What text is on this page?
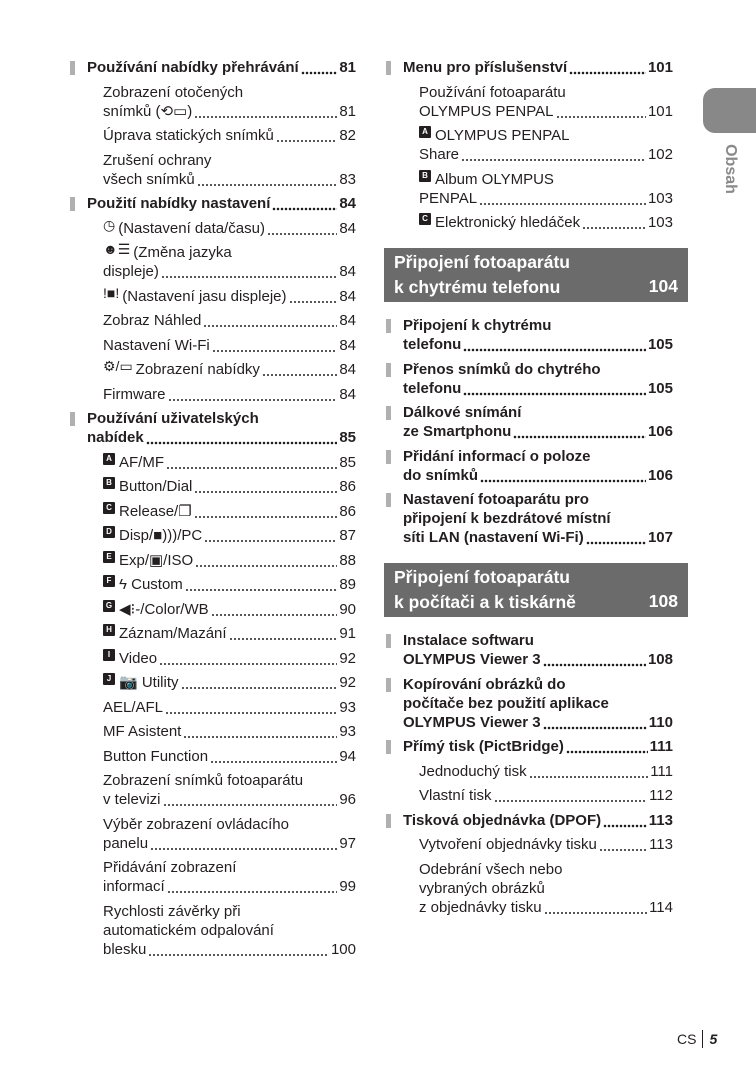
Používání nabídky přehrávání	81
Zobrazení otočených
snímků (⟲▭)	81
Úprava statických snímků	82
Zrušení ochrany
všech snímků	83
Použití nabídky nastavení	84
◷ (Nastavení data/času)	84
☻☰ (Změna jazyka
displeje)	84
!■! (Nastavení jasu displeje)	84
Zobraz Náhled	84
Nastavení Wi-Fi	84
⚙/▭ Zobrazení nabídky	84
Firmware	84
Používání uživatelských
nabídek	85
A AF/MF	85
B Button/Dial	86
C Release/❐	86
D Disp/■)))/PC	87
E Exp/▣/ISO	88
F ϟ Custom	89
G ◀⁝-/Color/WB	90
H Záznam/Mazání	91
I Video	92
J 📷 Utility	92
AEL/AFL	93
MF Asistent	93
Button Function	94
Zobrazení snímků fotoaparátu
v televizi	96
Výběr zobrazení ovládacího
panelu	97
Přidávání zobrazení
informací	99
Rychlosti závěrky při
automatickém odpalování
blesku	100
Menu pro příslušenství	101
Používání fotoaparátu
OLYMPUS PENPAL	101
A OLYMPUS PENPAL
Share	102
B Album OLYMPUS
PENPAL	103
C Elektronický hledáček	103
Připojení fotoaparátu
k chytrému telefonu	104
Připojení k chytrému
telefonu	105
Přenos snímků do chytrého
telefonu	105
Dálkové snímání
ze Smartphonu	106
Přidání informací o poloze
do snímků	106
Nastavení fotoaparátu pro
připojení k bezdrátové místní
síti LAN (nastavení Wi-Fi)	107
Připojení fotoaparátu
k počítači a k tiskárně	108
Instalace softwaru
OLYMPUS Viewer 3	108
Kopírování obrázků do
počítače bez použití aplikace
OLYMPUS Viewer 3	110
Přímý tisk (PictBridge)	111
Jednoduchý tisk	111
Vlastní tisk	112
Tisková objednávka (DPOF)	113
Vytvoření objednávky tisku	113
Odebrání všech nebo
vybraných obrázků
z objednávky tisku	114
Obsah
CS 5
